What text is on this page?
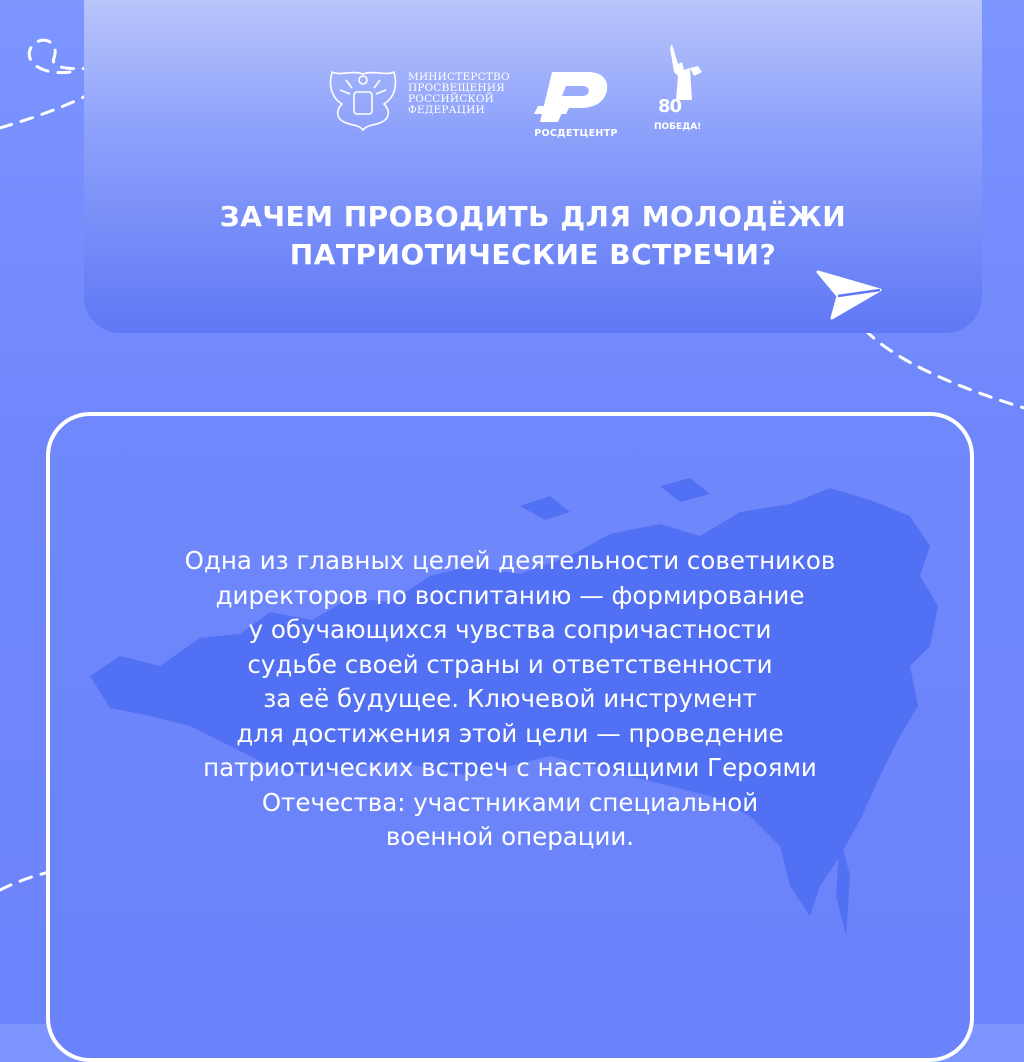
МИНИСТЕРСТВО
ПРОСВЕЩЕНИЯ
РОССИЙСКОЙ
ФЕДЕРАЦИИ
РОСДЕТЦЕНТР
80
ПОБЕДА!
ЗАЧЕМ ПРОВОДИТЬ ДЛЯ МОЛОДЁЖИ
ПАТРИОТИЧЕСКИЕ ВСТРЕЧИ?
Одна из главных целей деятельности советников
директоров по воспитанию — формирование
у обучающихся чувства сопричастности
судьбе своей страны и ответственности
за её будущее. Ключевой инструмент
для достижения этой цели — проведение
патриотических встреч с настоящими Героями
Отечества: участниками специальной
военной операции.
